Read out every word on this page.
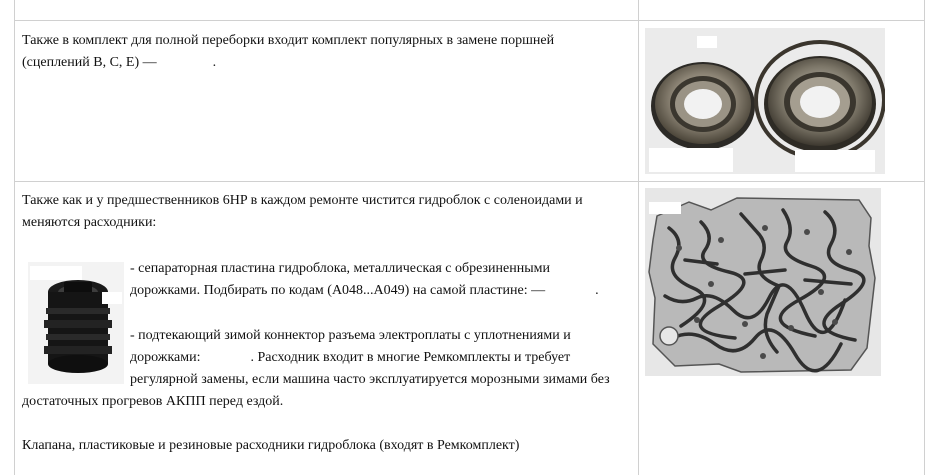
Также в комплект для полной переборки входит комплект популярных в замене поршней

(сцеплений B, C, E) —	.

Также как и у предшественников 6HP в каждом ремонте чистится гидроблок с соленоидами и

меняются расходники:

- сепараторная пластина гидроблока, металлическая с обрезиненными

дорожками. Подбирать по кодам (А048...А049) на самой пластине: —	.

- подтекающий зимой коннектор разъема электроплаты с уплотнениями и

дорожками:	. Расходник входит в многие Ремкомплекты и требует

регулярной замены, если машина часто эксплуатируется морозными зимами без

достаточных прогревов АКПП перед ездой.

Клапана, пластиковые и резиновые расходники гидроблока (входят в Ремкомплект)
